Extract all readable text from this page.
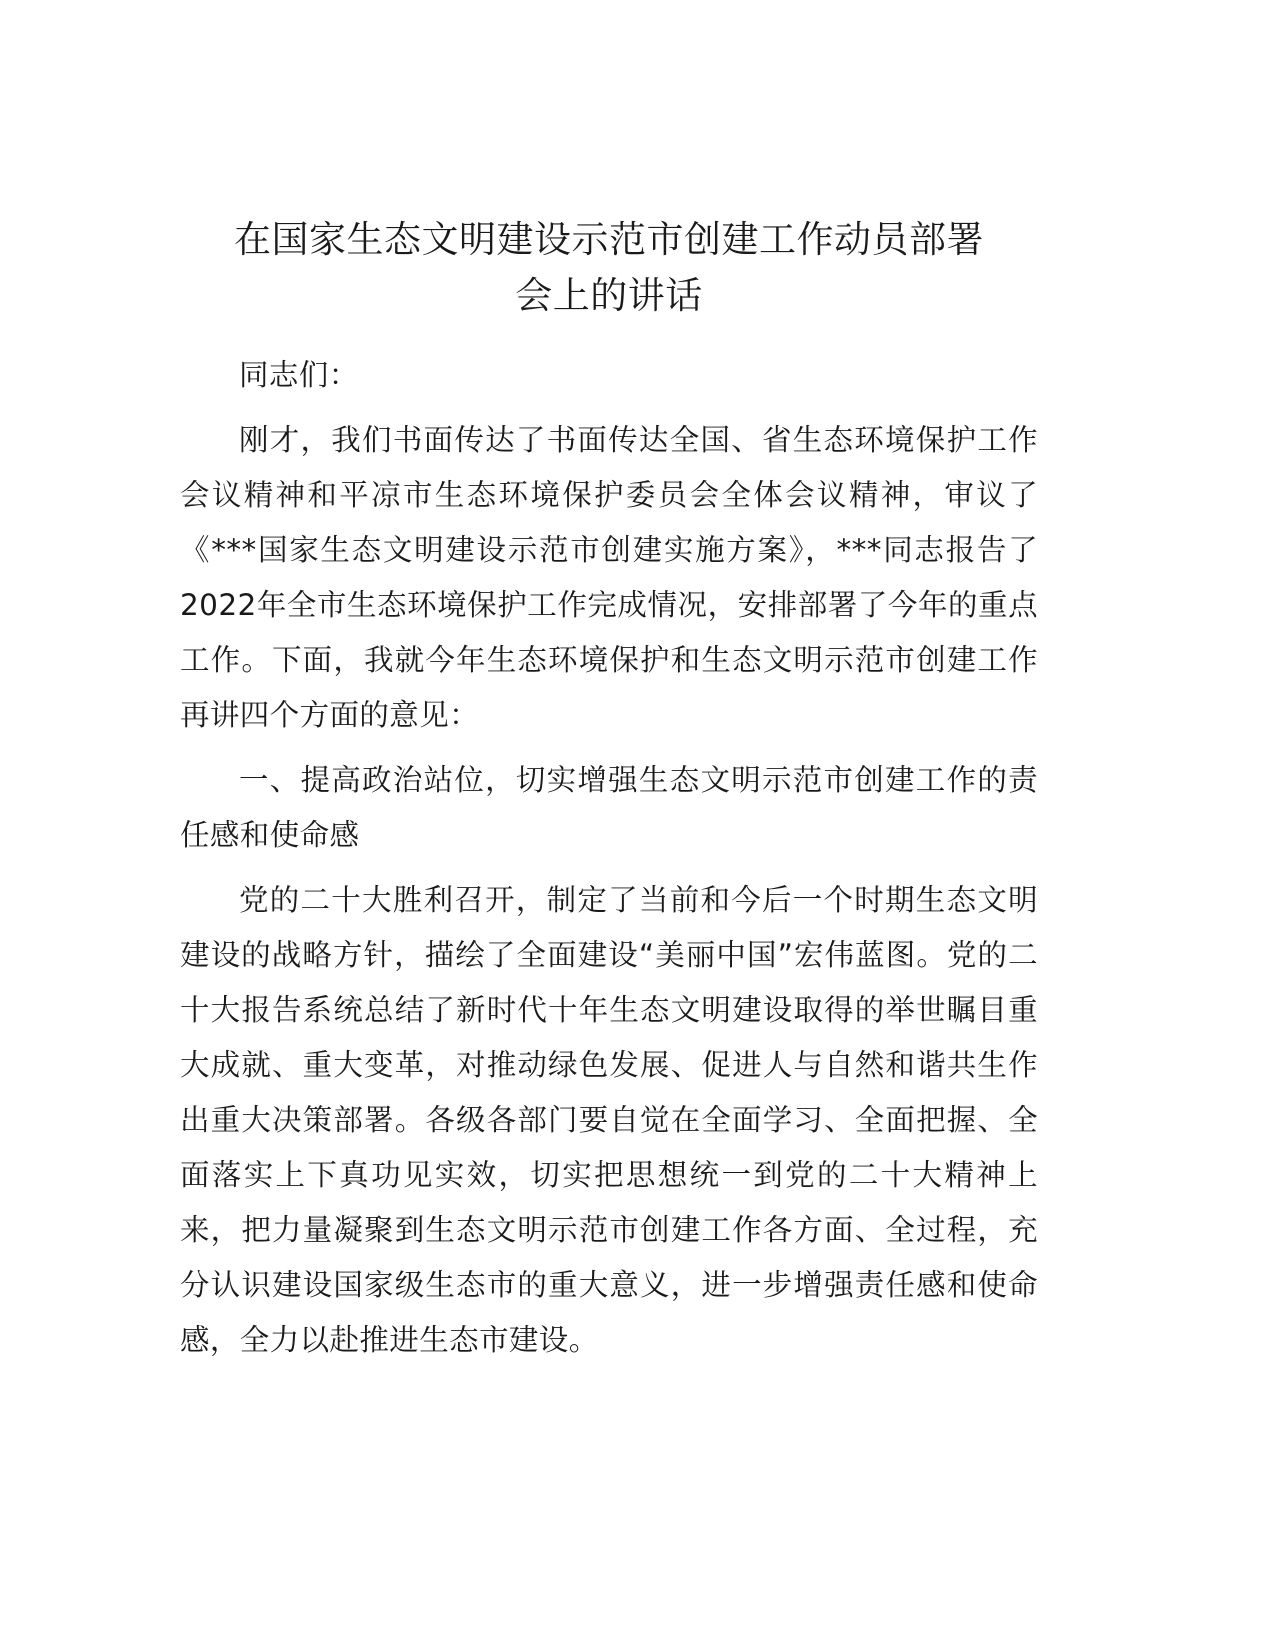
在国家生态文明建设示范市创建工作动员部署
会上的讲话

同志们：

刚才，我们书面传达了书面传达全国、省生态环境保护工作会议精神和平凉市生态环境保护委员会全体会议精神，审议了《***国家生态文明建设示范市创建实施方案》，***同志报告了2022年全市生态环境保护工作完成情况，安排部署了今年的重点工作。下面，我就今年生态环境保护和生态文明示范市创建工作再讲四个方面的意见：

一、提高政治站位，切实增强生态文明示范市创建工作的责任感和使命感

党的二十大胜利召开，制定了当前和今后一个时期生态文明建设的战略方针，描绘了全面建设“美丽中国”宏伟蓝图。党的二十大报告系统总结了新时代十年生态文明建设取得的举世瞩目重大成就、重大变革，对推动绿色发展、促进人与自然和谐共生作出重大决策部署。各级各部门要自觉在全面学习、全面把握、全面落实上下真功见实效，切实把思想统一到党的二十大精神上来，把力量凝聚到生态文明示范市创建工作各方面、全过程，充分认识建设国家级生态市的重大意义，进一步增强责任感和使命感，全力以赴推进生态市建设。
